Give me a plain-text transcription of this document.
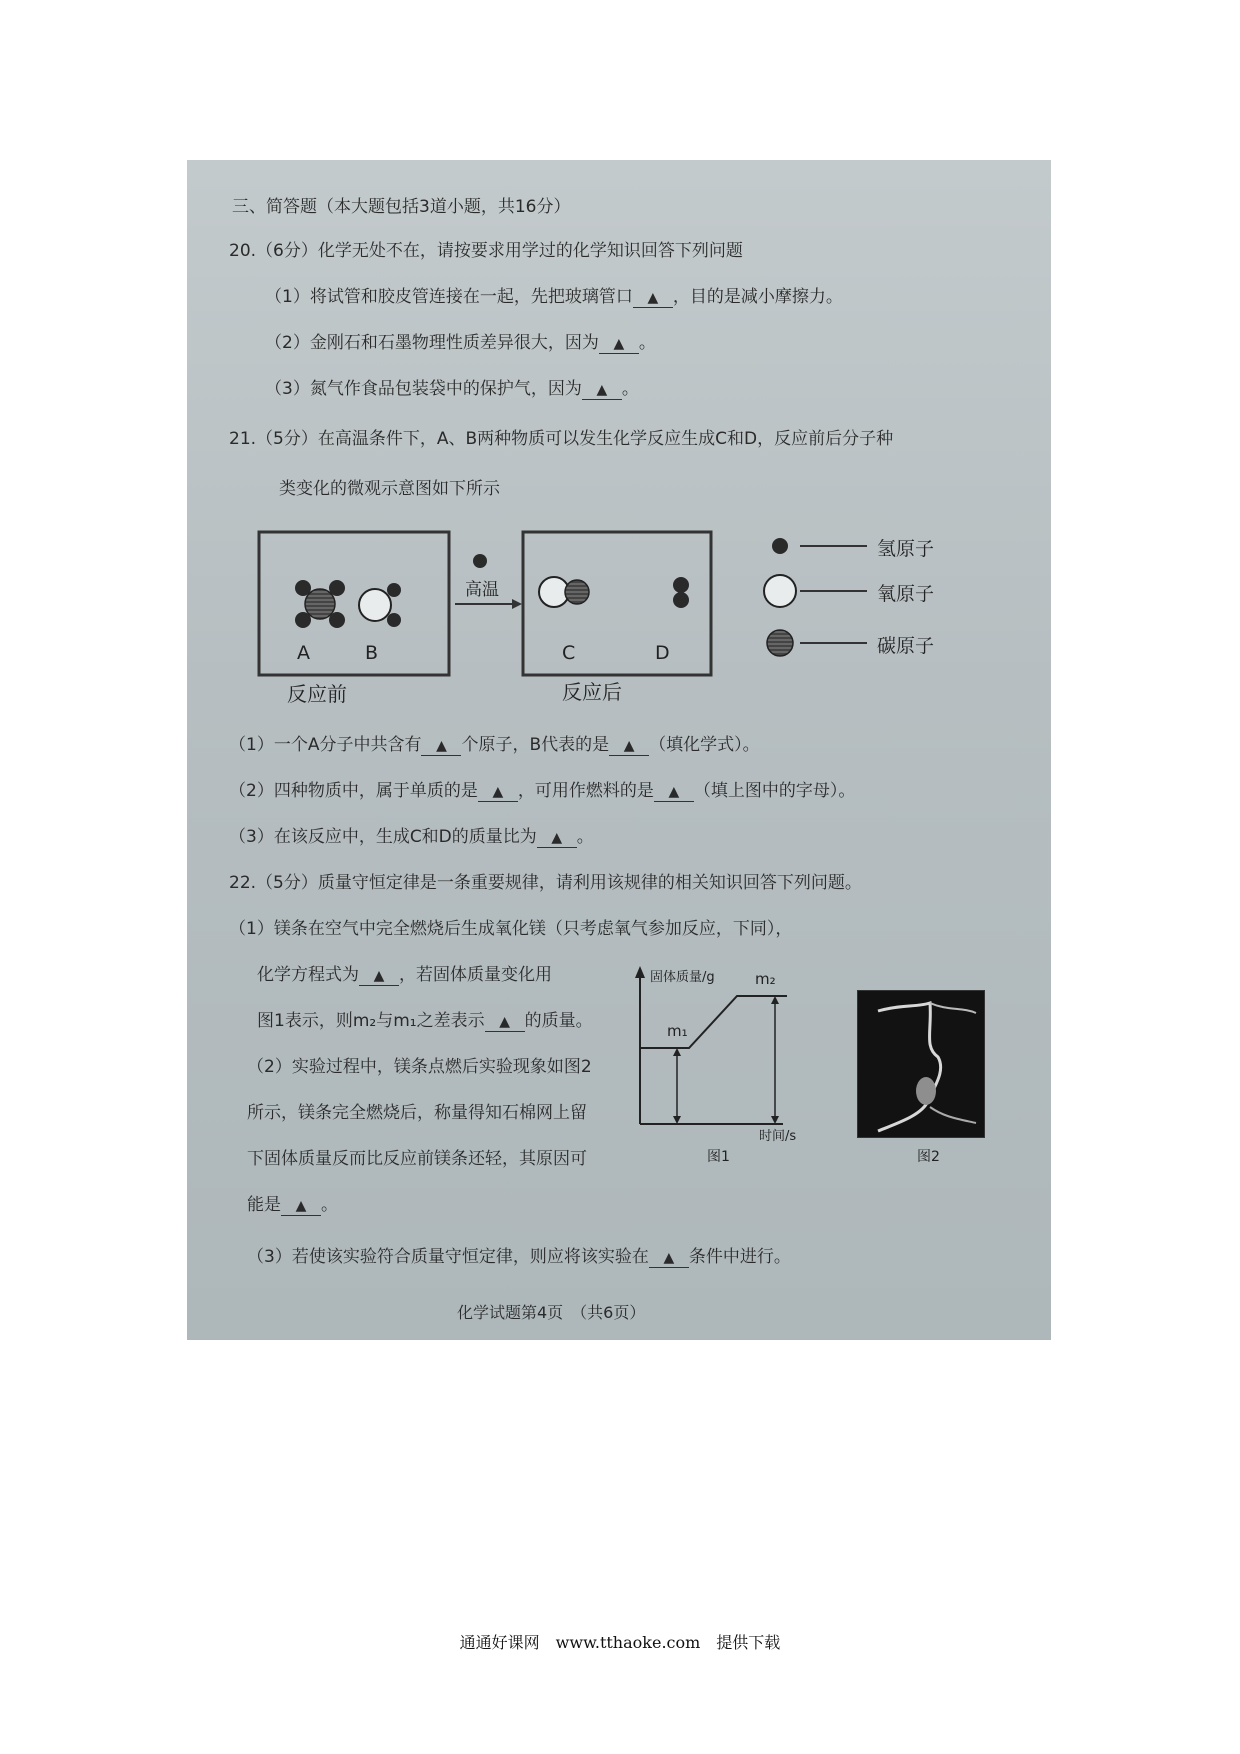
三、简答题（本大题包括3道小题，共16分）
20.（6分）化学无处不在，请按要求用学过的化学知识回答下列问题
（1）将试管和胶皮管连接在一起，先把玻璃管口 ▲ ，目的是减小摩擦力。
（2）金刚石和石墨物理性质差异很大，因为 ▲ 。
（3）氮气作食品包装袋中的保护气，因为 ▲ 。
21.（5分）在高温条件下，A、B两种物质可以发生化学反应生成C和D，反应前后分子种
类变化的微观示意图如下所示
A	B	C	D
高温
反应前	反应后
氢原子
氧原子
碳原子
（1）一个A分子中共含有 ▲ 个原子，B代表的是 ▲ （填化学式）。
（2）四种物质中，属于单质的是 ▲ ，可用作燃料的是 ▲ （填上图中的字母）。
（3）在该反应中，生成C和D的质量比为 ▲ 。
22.（5分）质量守恒定律是一条重要规律，请利用该规律的相关知识回答下列问题。
（1）镁条在空气中完全燃烧后生成氧化镁（只考虑氧气参加反应，下同），
化学方程式为 ▲ ，若固体质量变化用
图1表示，则m₂与m₁之差表示 ▲ 的质量。
（2）实验过程中，镁条点燃后实验现象如图2
所示，镁条完全燃烧后，称量得知石棉网上留
下固体质量反而比反应前镁条还轻，其原因可
能是 ▲ 。
（3）若使该实验符合质量守恒定律，则应将该实验在 ▲ 条件中进行。
固体质量/g
m₁
m₂
时间/s
图1	图2
化学试题第4页　（共6页）
通通好课网　www.tthaoke.com　提供下载
